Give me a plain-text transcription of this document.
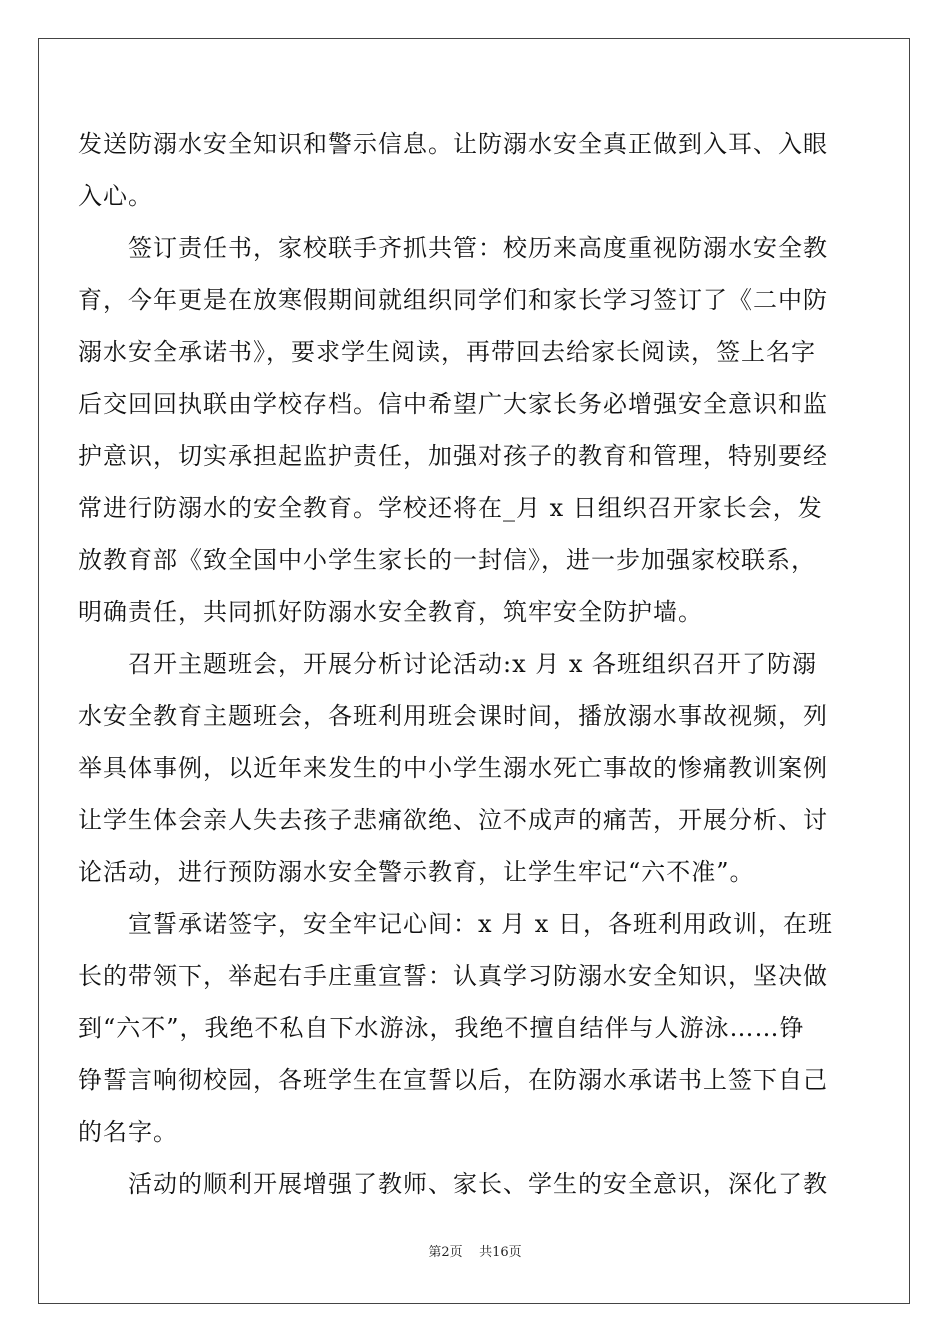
发送防溺水安全知识和警示信息。让防溺水安全真正做到入耳、入眼
入心。
　　签订责任书，家校联手齐抓共管：校历来高度重视防溺水安全教
育，今年更是在放寒假期间就组织同学们和家长学习签订了《二中防
溺水安全承诺书》，要求学生阅读，再带回去给家长阅读，签上名字
后交回回执联由学校存档。信中希望广大家长务必增强安全意识和监
护意识，切实承担起监护责任，加强对孩子的教育和管理，特别要经
常进行防溺水的安全教育。学校还将在_月 x 日组织召开家长会，发
放教育部《致全国中小学生家长的一封信》，进一步加强家校联系，
明确责任，共同抓好防溺水安全教育，筑牢安全防护墙。
　　召开主题班会，开展分析讨论活动:x 月 x 各班组织召开了防溺
水安全教育主题班会，各班利用班会课时间，播放溺水事故视频，列
举具体事例，以近年来发生的中小学生溺水死亡事故的惨痛教训案例
让学生体会亲人失去孩子悲痛欲绝、泣不成声的痛苦，开展分析、讨
论活动，进行预防溺水安全警示教育，让学生牢记“六不准”。
　　宣誓承诺签字，安全牢记心间：x 月 x 日，各班利用政训，在班
长的带领下，举起右手庄重宣誓：认真学习防溺水安全知识，坚决做
到“六不”，我绝不私自下水游泳，我绝不擅自结伴与人游泳……铮
铮誓言响彻校园，各班学生在宣誓以后，在防溺水承诺书上签下自己
的名字。
　　活动的顺利开展增强了教师、家长、学生的安全意识，深化了教
第2页 共16页
